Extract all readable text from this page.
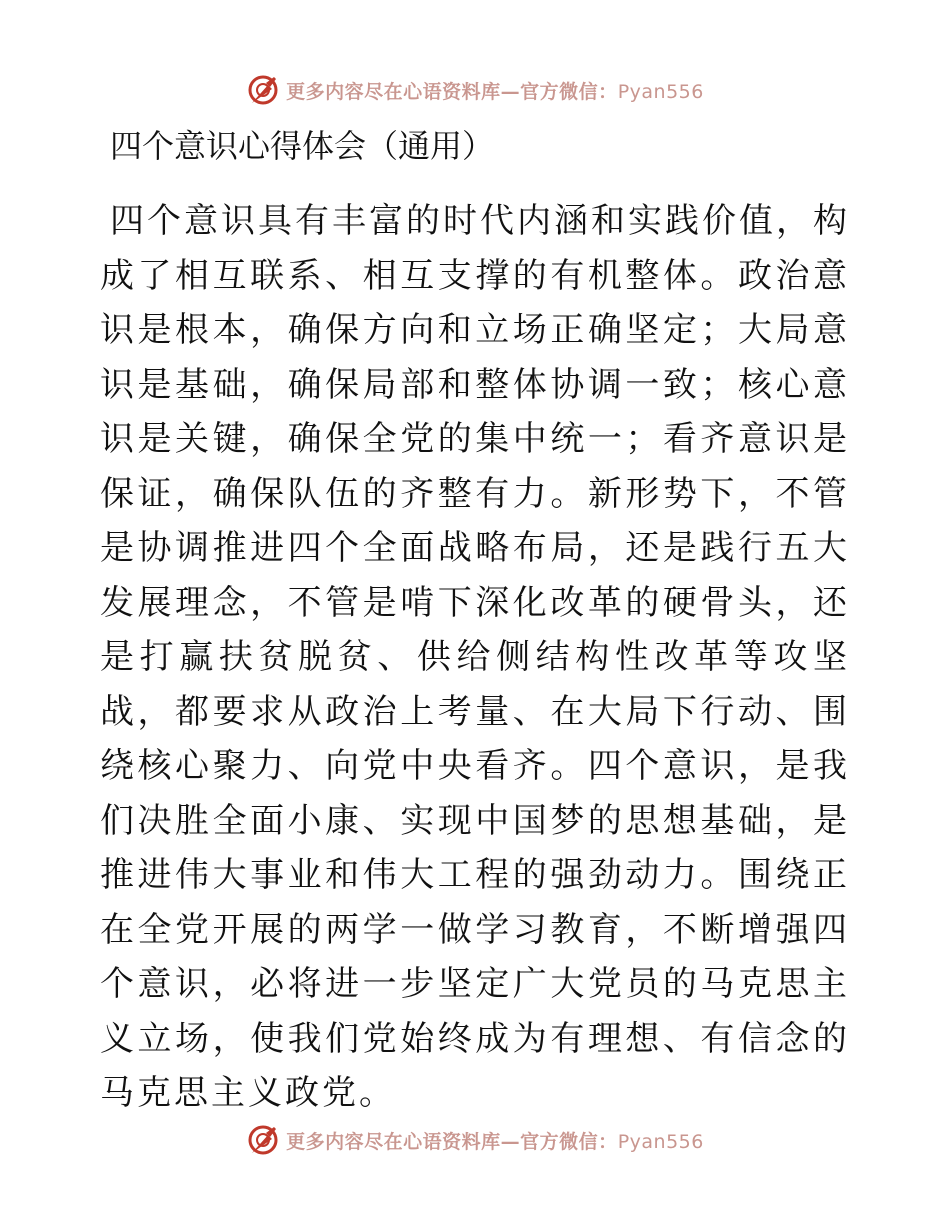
更多内容尽在心语资料库—官方微信：Pyan556
四个意识心得体会（通用）

四个意识具有丰富的时代内涵和实践价值，构成了相互联系、相互支撑的有机整体。政治意识是根本，确保方向和立场正确坚定；大局意识是基础，确保局部和整体协调一致；核心意识是关键，确保全党的集中统一；看齐意识是保证，确保队伍的齐整有力。新形势下，不管是协调推进四个全面战略布局，还是践行五大发展理念，不管是啃下深化改革的硬骨头，还是打赢扶贫脱贫、供给侧结构性改革等攻坚战，都要求从政治上考量、在大局下行动、围绕核心聚力、向党中央看齐。四个意识，是我们决胜全面小康、实现中国梦的思想基础，是推进伟大事业和伟大工程的强劲动力。围绕正在全党开展的两学一做学习教育，不断增强四个意识，必将进一步坚定广大党员的马克思主义立场，使我们党始终成为有理想、有信念的马克思主义政党。

更多内容尽在心语资料库—官方微信：Pyan556
